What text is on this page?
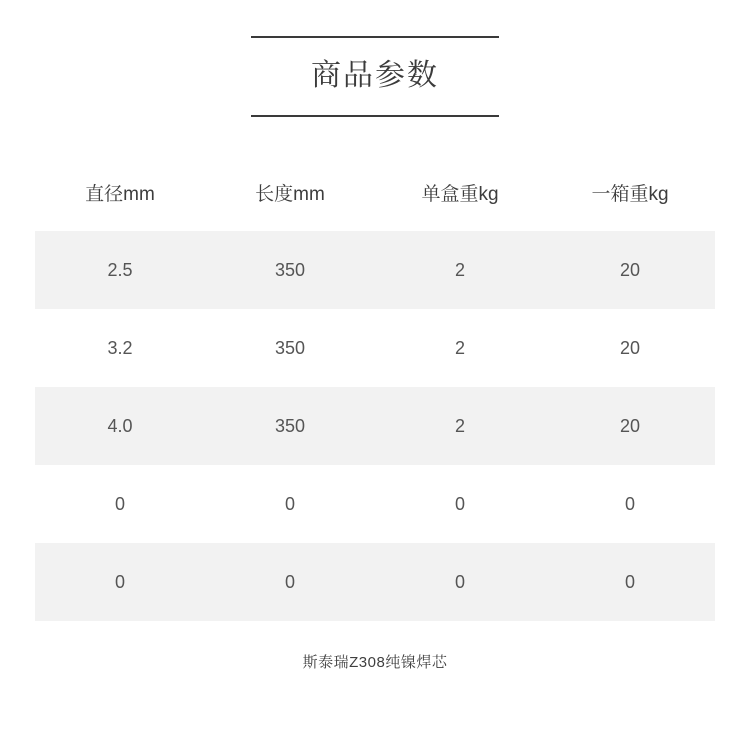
商品参数
直径mm	长度mm	单盒重kg	一箱重kg
2.5	350	2	20
3.2	350	2	20
4.0	350	2	20
0	0	0	0
0	0	0	0
斯泰瑞Z308纯镍焊芯
